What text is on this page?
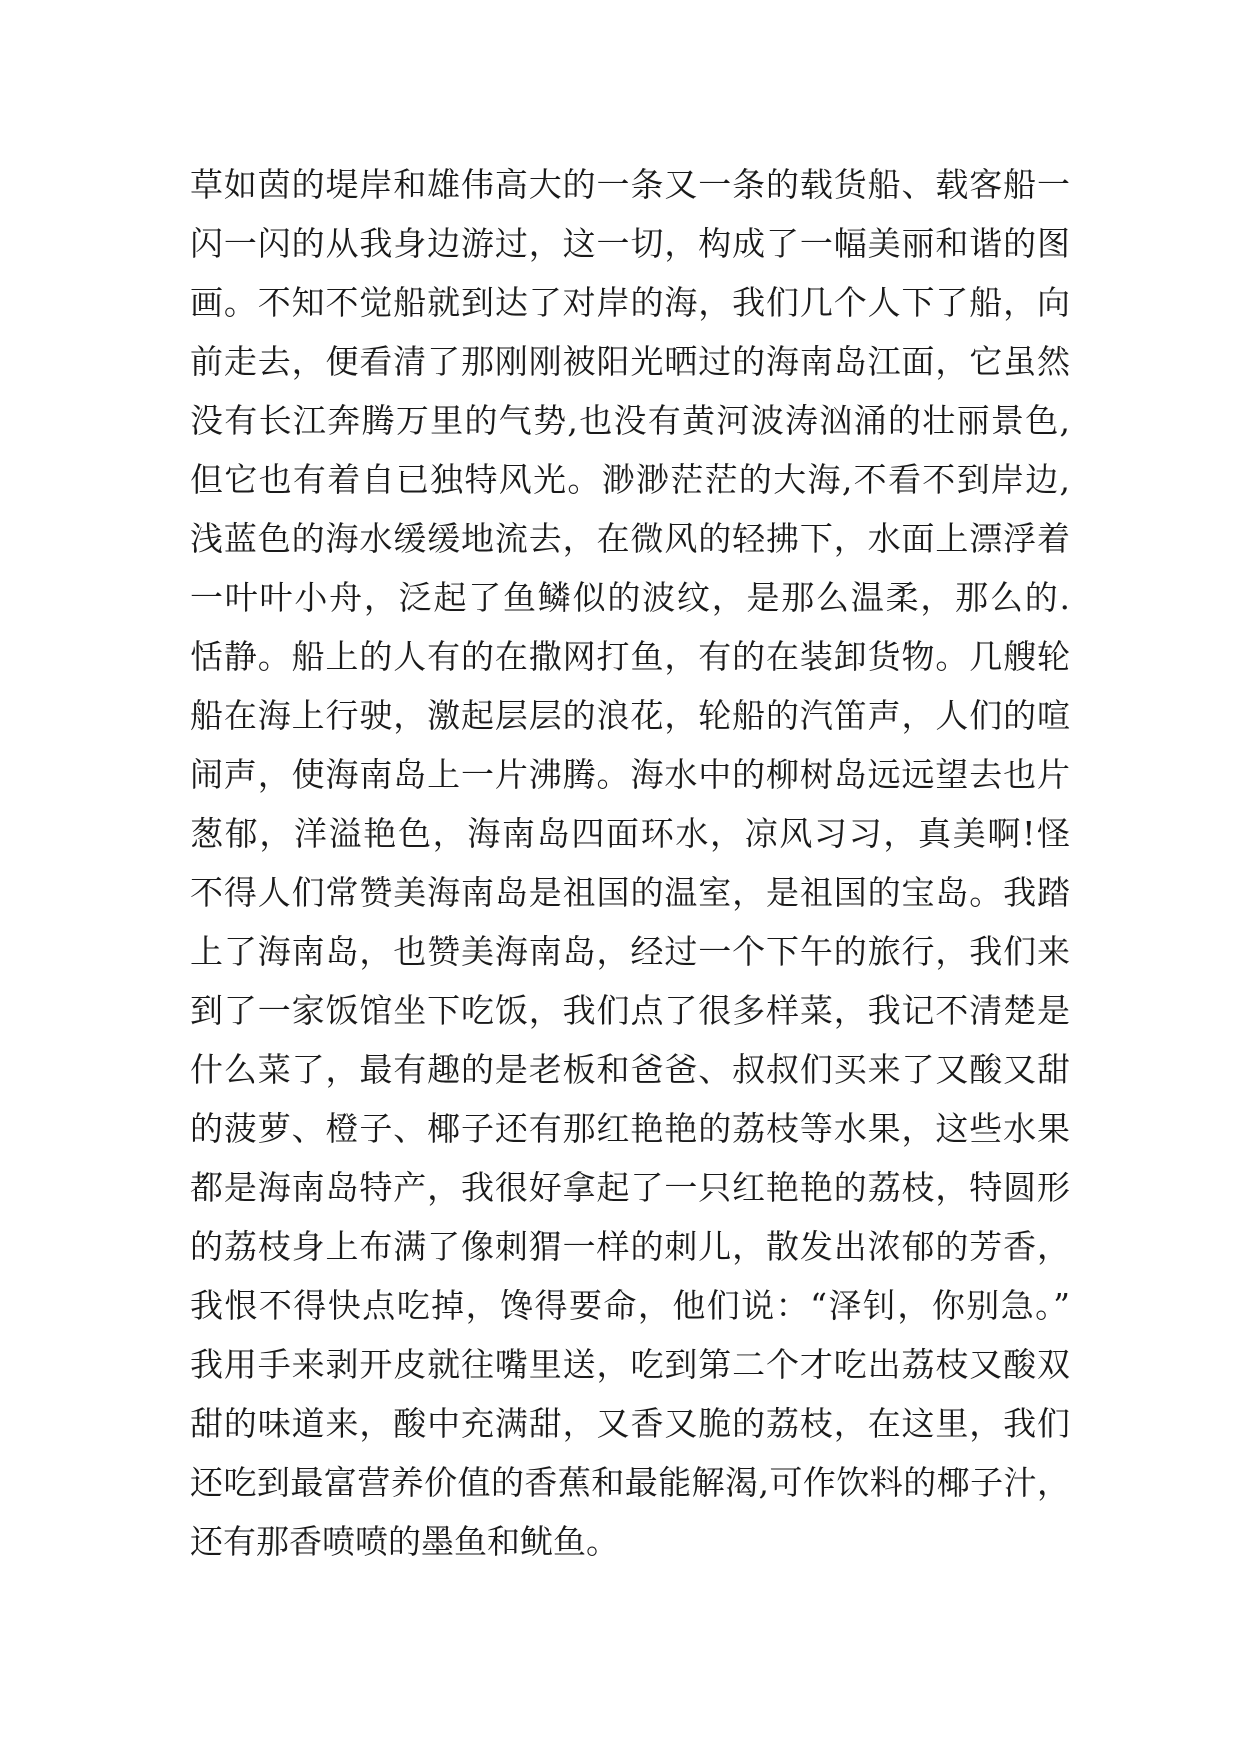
草如茵的堤岸和雄伟高大的一条又一条的载货船、载客船一
闪一闪的从我身边游过，这一切，构成了一幅美丽和谐的图
画。不知不觉船就到达了对岸的海，我们几个人下了船，向
前走去，便看清了那刚刚被阳光晒过的海南岛江面，它虽然
没有长江奔腾万里的气势,也没有黄河波涛汹涌的壮丽景色,
但它也有着自已独特风光。渺渺茫茫的大海,不看不到岸边,
浅蓝色的海水缓缓地流去，在微风的轻拂下，水面上漂浮着
一叶叶小舟，泛起了鱼鳞似的波纹，是那么温柔，那么的.
恬静。船上的人有的在撒网打鱼，有的在装卸货物。几艘轮
船在海上行驶，激起层层的浪花，轮船的汽笛声，人们的喧
闹声，使海南岛上一片沸腾。海水中的柳树岛远远望去也片
葱郁，洋溢艳色，海南岛四面环水，凉风习习，真美啊!怪
不得人们常赞美海南岛是祖国的温室，是祖国的宝岛。我踏
上了海南岛，也赞美海南岛，经过一个下午的旅行，我们来
到了一家饭馆坐下吃饭，我们点了很多样菜，我记不清楚是
什么菜了，最有趣的是老板和爸爸、叔叔们买来了又酸又甜
的菠萝、橙子、椰子还有那红艳艳的荔枝等水果，这些水果
都是海南岛特产，我很好拿起了一只红艳艳的荔枝，特圆形
的荔枝身上布满了像刺猬一样的刺儿，散发出浓郁的芳香，
我恨不得快点吃掉，馋得要命，他们说：“泽钊，你别急。”
我用手来剥开皮就往嘴里送，吃到第二个才吃出荔枝又酸双
甜的味道来，酸中充满甜，又香又脆的荔枝，在这里，我们
还吃到最富营养价值的香蕉和最能解渴,可作饮料的椰子汁，
还有那香喷喷的墨鱼和鱿鱼。
